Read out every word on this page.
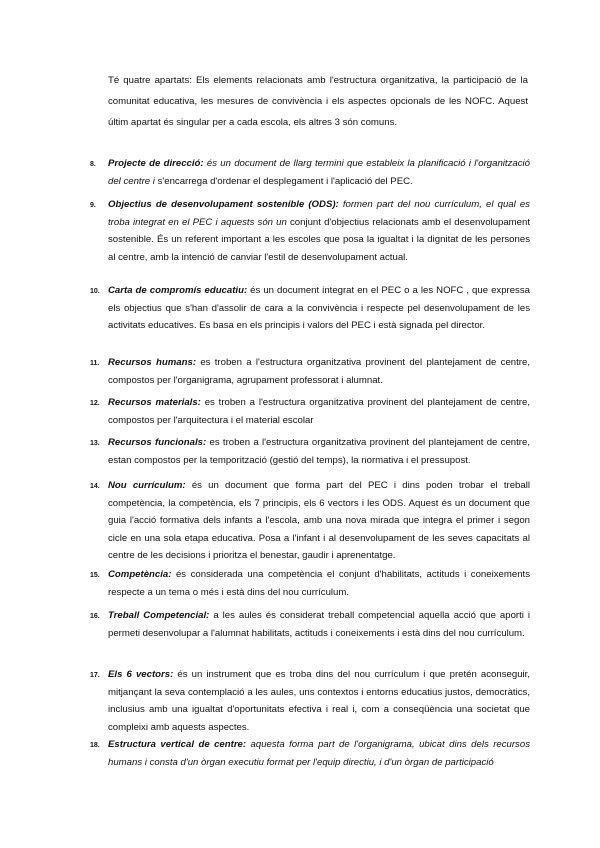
Té quatre apartats: Els elements relacionats amb l'estructura organitzativa, la participació de la comunitat educativa, les mesures de convivència i els aspectes opcionals de les NOFC. Aquest últim apartat és singular per a cada escola, els altres 3 són comuns.

8. Projecte de direcció: és un document de llarg termini que estableix la planificació i l'organització del centre i s'encarrega d'ordenar el desplegament i l'aplicació del PEC.
9. Objectius de desenvolupament sostenible (ODS): formen part del nou currículum, el qual es troba integrat en el PEC i aquests són un conjunt d'objectius relacionats amb el desenvolupament sostenible. És un referent important a les escoles que posa la igualtat i la dignitat de les persones al centre, amb la intenció de canviar l'estil de desenvolupament actual.
10. Carta de compromís educatiu: és un document integrat en el PEC o a les NOFC , que expressa els objectius que s'han d'assolir de cara a la convivència i respecte pel desenvolupament de les activitats educatives. Es basa en els principis i valors del PEC i està signada pel director.
11. Recursos humans: es troben a l'estructura organitzativa provinent del plantejament de centre, compostos per l'organigrama, agrupament professorat i alumnat.
12. Recursos materials: es troben a l'estructura organitzativa provinent del plantejament de centre, compostos per l'arquitectura i el material escolar
13. Recursos funcionals: es troben a l'estructura organitzativa provinent del plantejament de centre, estan compostos per la temporització (gestió del temps), la normativa i el pressupost.
14. Nou currículum: és un document que forma part del PEC i dins poden trobar el treball competència, la competència, els 7 principis, els 6 vectors i les ODS. Aquest és un document que guia l'acció formativa dels infants a l'escola, amb una nova mirada que integra el primer i segon cicle en una sola etapa educativa. Posa a l'infant i al desenvolupament de les seves capacitats al centre de les decisions i prioritza el benestar, gaudir i aprenentatge.
15. Competència: és considerada una competència el conjunt d'habilitats, actituds i coneixements respecte a un tema o més i està dins del nou currículum.
16. Treball Competencial: a les aules és considerat treball competencial aquella acció que aporti i permeti desenvolupar a l'alumnat habilitats, actituds i coneixements i està dins del nou currículum.
17. Els 6 vectors: és un instrument que es troba dins del nou currículum i que pretén aconseguir, mitjançant la seva contemplació a les aules, uns contextos i entorns educatius justos, democràtics, inclusius amb una igualtat d'oportunitats efectiva i real i, com a conseqüència una societat que compleixi amb aquests aspectes.
18. Estructura vertical de centre: aquesta forma part de l'organigrama, ubicat dins dels recursos humans i consta d'un òrgan executiu format per l'equip directiu, i d'un òrgan de participació
